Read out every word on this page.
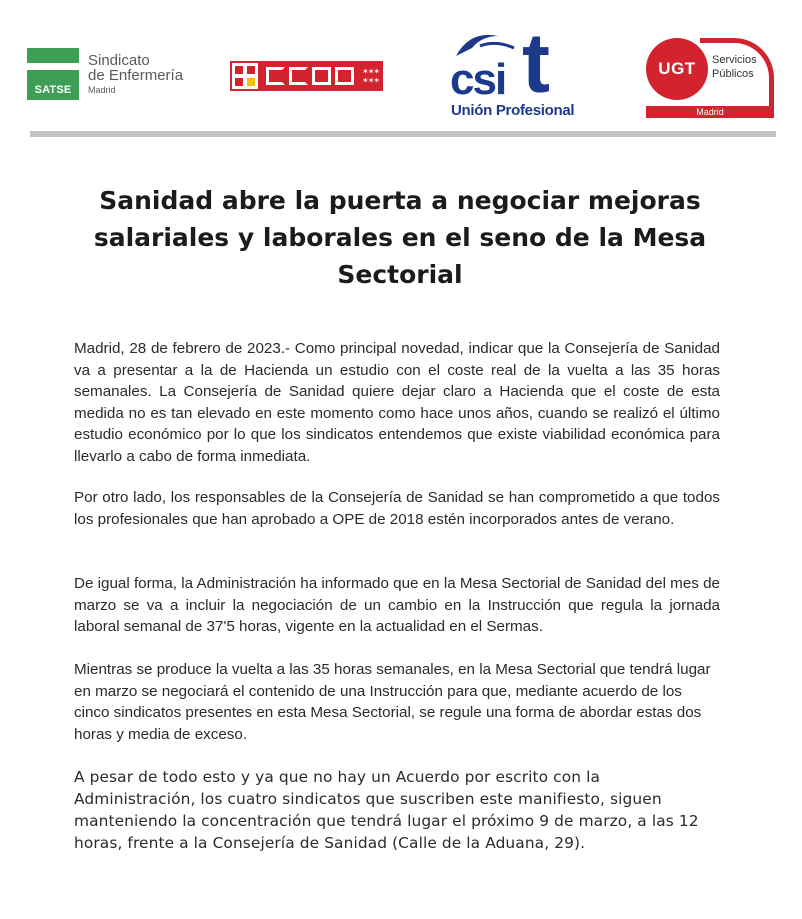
SATSE
Sindicato
de Enfermería
Madrid
✶✶✶
✶✶✶ csi t
Unión Profesional
UGT	Servicios
Públicos
Madrid
Sanidad abre la puerta a negociar mejoras salariales y laborales en el seno de la Mesa Sectorial

Madrid, 28 de febrero de 2023.- Como principal novedad, indicar que la Consejería de Sanidad va a presentar a la de Hacienda un estudio con el coste real de la vuelta a las 35 horas semanales. La Consejería de Sanidad quiere dejar claro a Hacienda que el coste de esta medida no es tan elevado en este momento como hace unos años, cuando se realizó el último estudio económico por lo que los sindicatos entendemos que existe viabilidad económica para llevarlo a cabo de forma inmediata.

Por otro lado, los responsables de la Consejería de Sanidad se han comprometido a que todos los profesionales que han aprobado a OPE de 2018 estén incorporados antes de verano.

De igual forma, la Administración ha informado que en la Mesa Sectorial de Sanidad del mes de marzo se va a incluir la negociación de un cambio en la Instrucción que regula la jornada laboral semanal de 37'5 horas, vigente en la actualidad en el Sermas.

Mientras se produce la vuelta a las 35 horas semanales, en la Mesa Sectorial que tendrá lugar en marzo se negociará el contenido de una Instrucción para que, mediante acuerdo de los cinco sindicatos presentes en esta Mesa Sectorial, se regule una forma de abordar estas dos horas y media de exceso.

A pesar de todo esto y ya que no hay un Acuerdo por escrito con la Administración, los cuatro sindicatos que suscriben este manifiesto, siguen manteniendo la concentración que tendrá lugar el próximo 9 de marzo, a las 12 horas, frente a la Consejería de Sanidad (Calle de la Aduana, 29).
